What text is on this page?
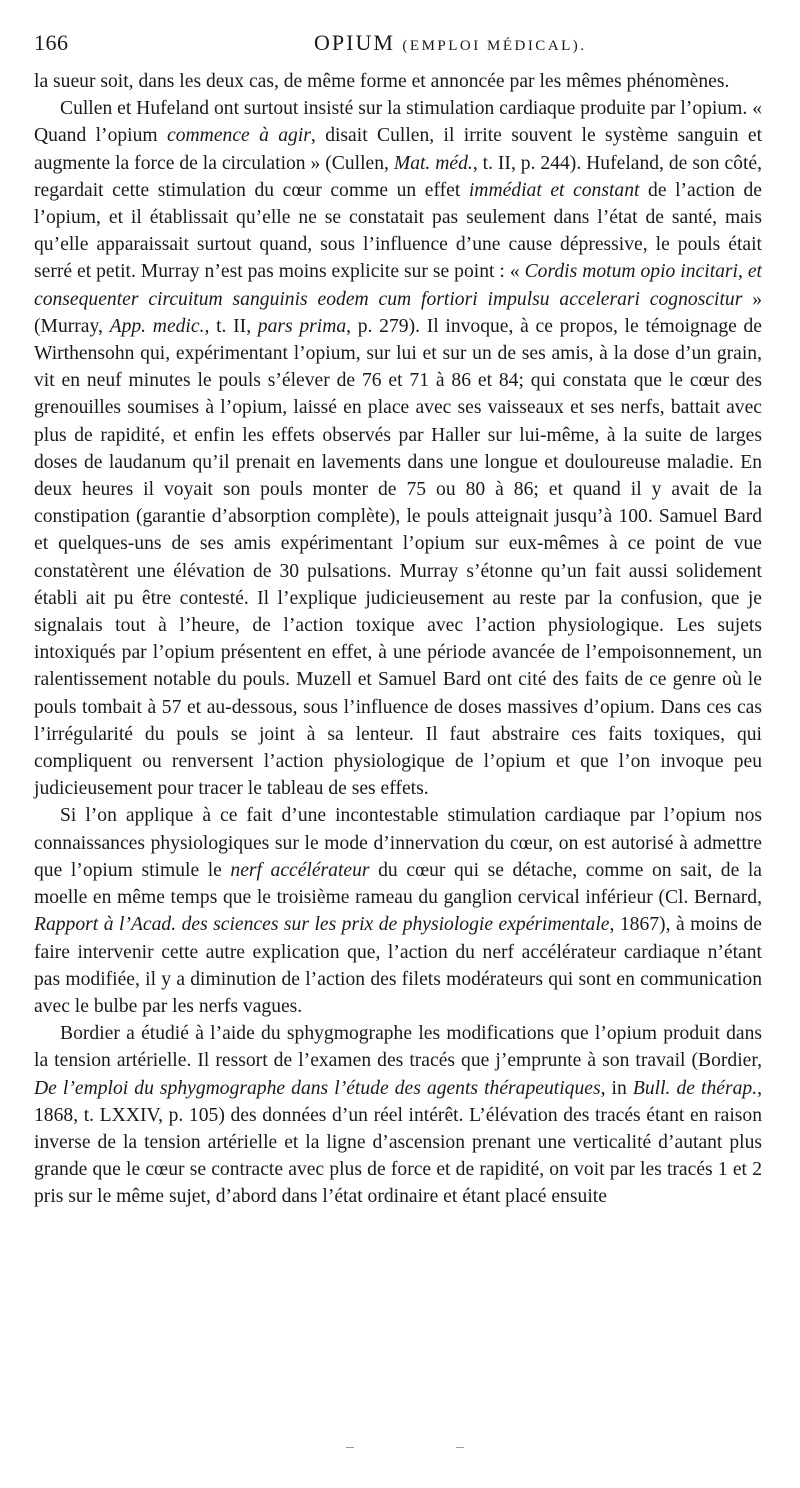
166	OPIUM (EMPLOI MÉDICAL).

la sueur soit, dans les deux cas, de même forme et annoncée par les mêmes phénomènes.

Cullen et Hufeland ont surtout insisté sur la stimulation cardiaque produite par l’opium. « Quand l’opium commence à agir, disait Cullen, il irrite souvent le système sanguin et augmente la force de la circulation » (Cullen, Mat. méd., t. II, p. 244). Hufeland, de son côté, regardait cette stimulation du cœur comme un effet immédiat et constant de l’action de l’opium, et il établissait qu’elle ne se constatait pas seulement dans l’état de santé, mais qu’elle apparaissait surtout quand, sous l’influence d’une cause dépressive, le pouls était serré et petit. Murray n’est pas moins explicite sur se point : « Cordis motum opio incitari, et consequenter circuitum sanguinis eodem cum fortiori impulsu accelerari cognoscitur » (Murray, App. medic., t. II, pars prima, p. 279). Il invoque, à ce propos, le témoignage de Wirthensohn qui, expérimentant l’opium, sur lui et sur un de ses amis, à la dose d’un grain, vit en neuf minutes le pouls s’élever de 76 et 71 à 86 et 84; qui constata que le cœur des grenouilles soumises à l’opium, laissé en place avec ses vaisseaux et ses nerfs, battait avec plus de rapidité, et enfin les effets observés par Haller sur lui-même, à la suite de larges doses de laudanum qu’il prenait en lavements dans une longue et douloureuse maladie. En deux heures il voyait son pouls monter de 75 ou 80 à 86; et quand il y avait de la constipation (garantie d’absorption complète), le pouls atteignait jusqu’à 100. Samuel Bard et quelques-uns de ses amis expérimentant l’opium sur eux-mêmes à ce point de vue constatèrent une élévation de 30 pulsations. Murray s’étonne qu’un fait aussi solidement établi ait pu être contesté. Il l’explique judicieusement au reste par la confusion, que je signalais tout à l’heure, de l’action toxique avec l’action physiologique. Les sujets intoxiqués par l’opium présentent en effet, à une période avancée de l’empoisonnement, un ralentissement notable du pouls. Muzell et Samuel Bard ont cité des faits de ce genre où le pouls tombait à 57 et au-dessous, sous l’influence de doses massives d’opium. Dans ces cas l’irrégularité du pouls se joint à sa lenteur. Il faut abstraire ces faits toxiques, qui compliquent ou renversent l’action physiologique de l’opium et que l’on invoque peu judicieusement pour tracer le tableau de ses effets.

Si l’on applique à ce fait d’une incontestable stimulation cardiaque par l’opium nos connaissances physiologiques sur le mode d’innervation du cœur, on est autorisé à admettre que l’opium stimule le nerf accélérateur du cœur qui se détache, comme on sait, de la moelle en même temps que le troisième rameau du ganglion cervical inférieur (Cl. Bernard, Rapport à l’Acad. des sciences sur les prix de physiologie expérimentale, 1867), à moins de faire intervenir cette autre explication que, l’action du nerf accélérateur cardiaque n’étant pas modifiée, il y a diminution de l’action des filets modérateurs qui sont en communication avec le bulbe par les nerfs vagues.

Bordier a étudié à l’aide du sphygmographe les modifications que l’opium produit dans la tension artérielle. Il ressort de l’examen des tracés que j’emprunte à son travail (Bordier, De l’emploi du sphygmographe dans l’étude des agents thérapeutiques, in Bull. de thérap., 1868, t. LXXIV, p. 105) des données d’un réel intérêt. L’élévation des tracés étant en raison inverse de la tension artérielle et la ligne d’ascension prenant une verticalité d’autant plus grande que le cœur se contracte avec plus de force et de rapidité, on voit par les tracés 1 et 2 pris sur le même sujet, d’abord dans l’état ordinaire et étant placé ensuite
